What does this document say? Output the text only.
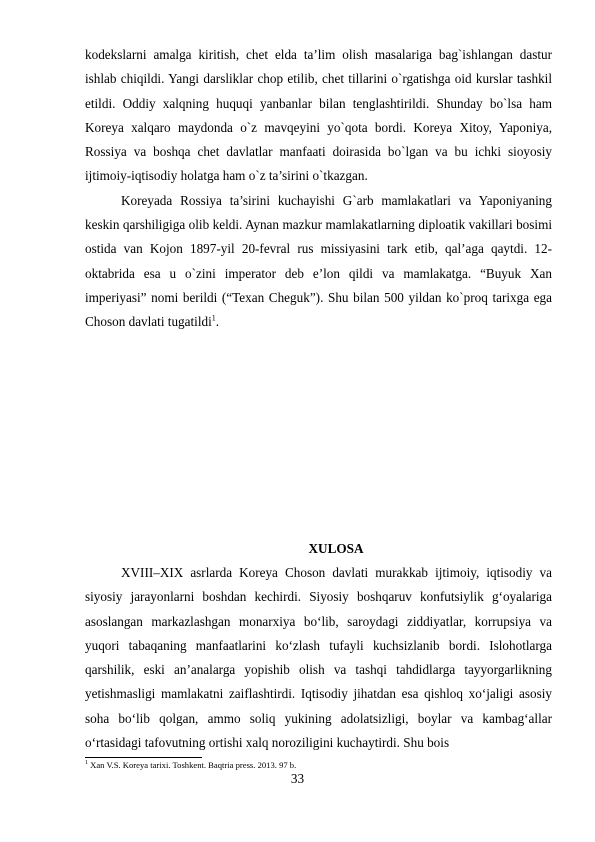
kodekslarni amalga kiritish, chet elda ta’lim olish masalariga bag`ishlangan dastur ishlab chiqildi. Yangi darsliklar chop etilib, chet tillarini o`rgatishga oid kurslar tashkil etildi. Oddiy xalqning huquqi yanbanlar bilan tenglashtirildi. Shunday bo`lsa ham Koreya xalqaro maydonda o`z mavqeyini yo`qota bordi. Koreya Xitoy, Yaponiya, Rossiya va boshqa chet davlatlar manfaati doirasida bo`lgan va bu ichki sioyosiy ijtimoiy-iqtisodiy holatga ham o`z ta’sirini o`tkazgan.

Koreyada Rossiya ta’sirini kuchayishi G`arb mamlakatlari va Yaponiyaning keskin qarshiligiga olib keldi. Aynan mazkur mamlakatlarning diploatik vakillari bosimi ostida van Kojon 1897-yil 20-fevral rus missiyasini tark etib, qal’aga qaytdi. 12-oktabrida esa u o`zini imperator deb e’lon qildi va mamlakatga. “Buyuk Xan imperiyasi” nomi berildi (“Texan Cheguk”). Shu bilan 500 yildan ko`proq tarixga ega Choson davlati tugatildi$^1$.

XULOSA

XVIII–XIX asrlarda Koreya Choson davlati murakkab ijtimoiy, iqtisodiy va siyosiy jarayonlarni boshdan kechirdi. Siyosiy boshqaruv konfutsiylik g‘oyalariga asoslangan markazlashgan monarxiya bo‘lib, saroydagi ziddiyatlar, korrupsiya va yuqori tabaqaning manfaatlarini ko‘zlash tufayli kuchsizlanib bordi. Islohotlarga qarshilik, eski an’analarga yopishib olish va tashqi tahdidlarga tayyorgarlikning yetishmasligi mamlakatni zaiflashtirdi. Iqtisodiy jihatdan esa qishloq xo‘jaligi asosiy soha bo‘lib qolgan, ammo soliq yukining adolatsizligi, boylar va kambag‘allar o‘rtasidagi tafovutning ortishi xalq noroziligini kuchaytirdi. Shu bois

$^1$ Xan V.S. Koreya tarixi. Toshkent. Baqtria press. 2013. 97 b.
33
